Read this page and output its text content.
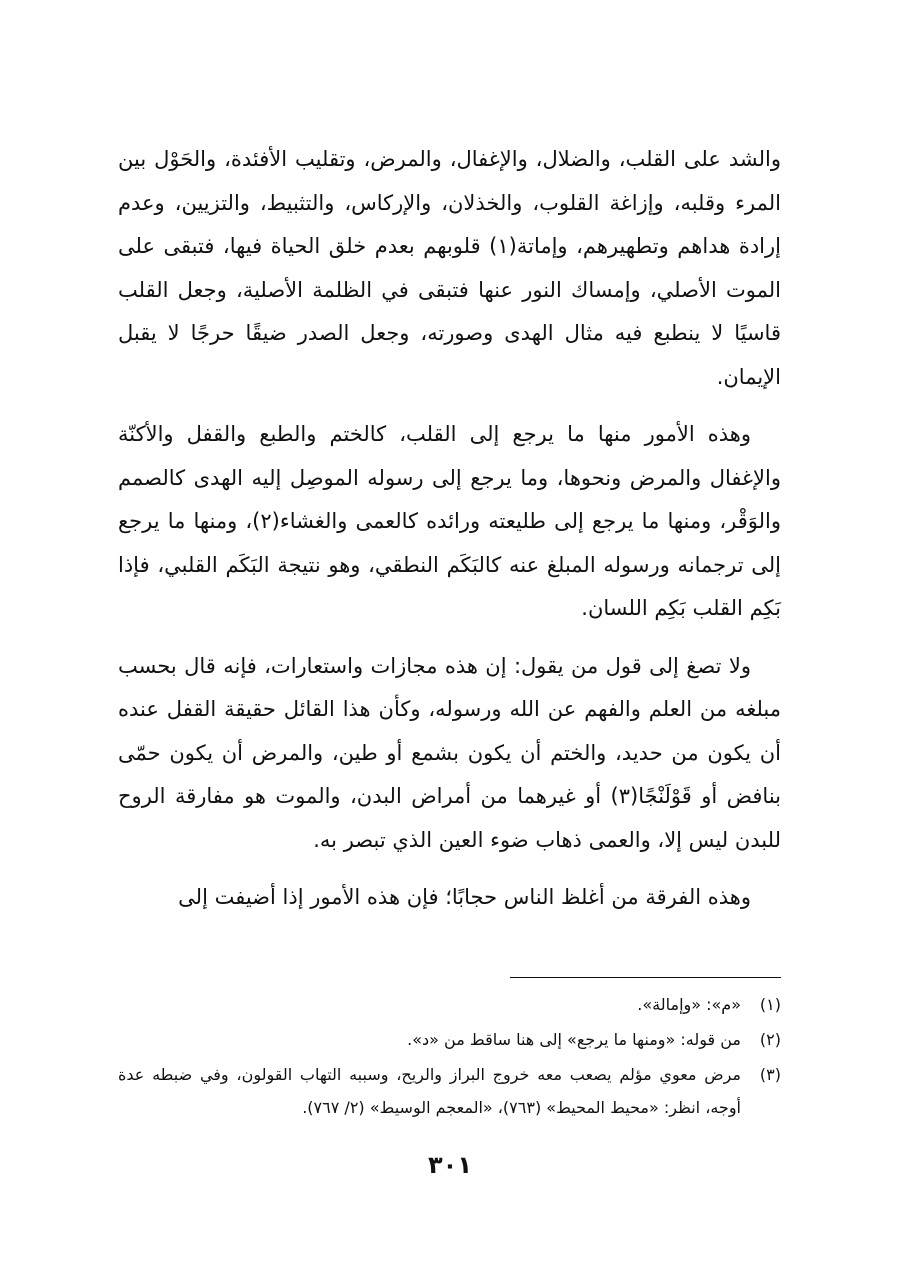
والشد على القلب، والضلال، والإغفال، والمرض، وتقليب الأفئدة، والحَوْل بين المرء وقلبه، وإزاغة القلوب، والخذلان، والإركاس، والتثبيط، والتزيين، وعدم إرادة هداهم وتطهيرهم، وإماتة(١) قلوبهم بعدم خلق الحياة فيها، فتبقى على الموت الأصلي، وإمساك النور عنها فتبقى في الظلمة الأصلية، وجعل القلب قاسيًا لا ينطبع فيه مثال الهدى وصورته، وجعل الصدر ضيقًا حرجًا لا يقبل الإيمان.

وهذه الأمور منها ما يرجع إلى القلب، كالختم والطبع والقفل والأكنّة والإغفال والمرض ونحوها، وما يرجع إلى رسوله الموصِل إليه الهدى كالصمم والوَقْر، ومنها ما يرجع إلى طليعته ورائده كالعمى والغشاء(٢)، ومنها ما يرجع إلى ترجمانه ورسوله المبلغ عنه كالبَكَم النطقي، وهو نتيجة البَكَم القلبي، فإذا بَكِم القلب بَكِم اللسان.

ولا تصغ إلى قول من يقول: إن هذه مجازات واستعارات، فإنه قال بحسب مبلغه من العلم والفهم عن الله ورسوله، وكأن هذا القائل حقيقة القفل عنده أن يكون من حديد، والختم أن يكون بشمع أو طين، والمرض أن يكون حمّى بنافض أو قَوْلَنْجًا(٣) أو غيرهما من أمراض البدن، والموت هو مفارقة الروح للبدن ليس إلا، والعمى ذهاب ضوء العين الذي تبصر به.

وهذه الفرقة من أغلظ الناس حجابًا؛ فإن هذه الأمور إذا أضيفت إلى

(١)
«م»: «وإمالة».
(٢)
من قوله: «ومنها ما يرجع» إلى هنا ساقط من «د».
(٣)
مرض معوي مؤلم يصعب معه خروج البراز والريح، وسببه التهاب القولون، وفي ضبطه عدة أوجه، انظر: «محيط المحيط» (٧٦٣)، «المعجم الوسيط» (٢/ ٧٦٧).
٣٠١
